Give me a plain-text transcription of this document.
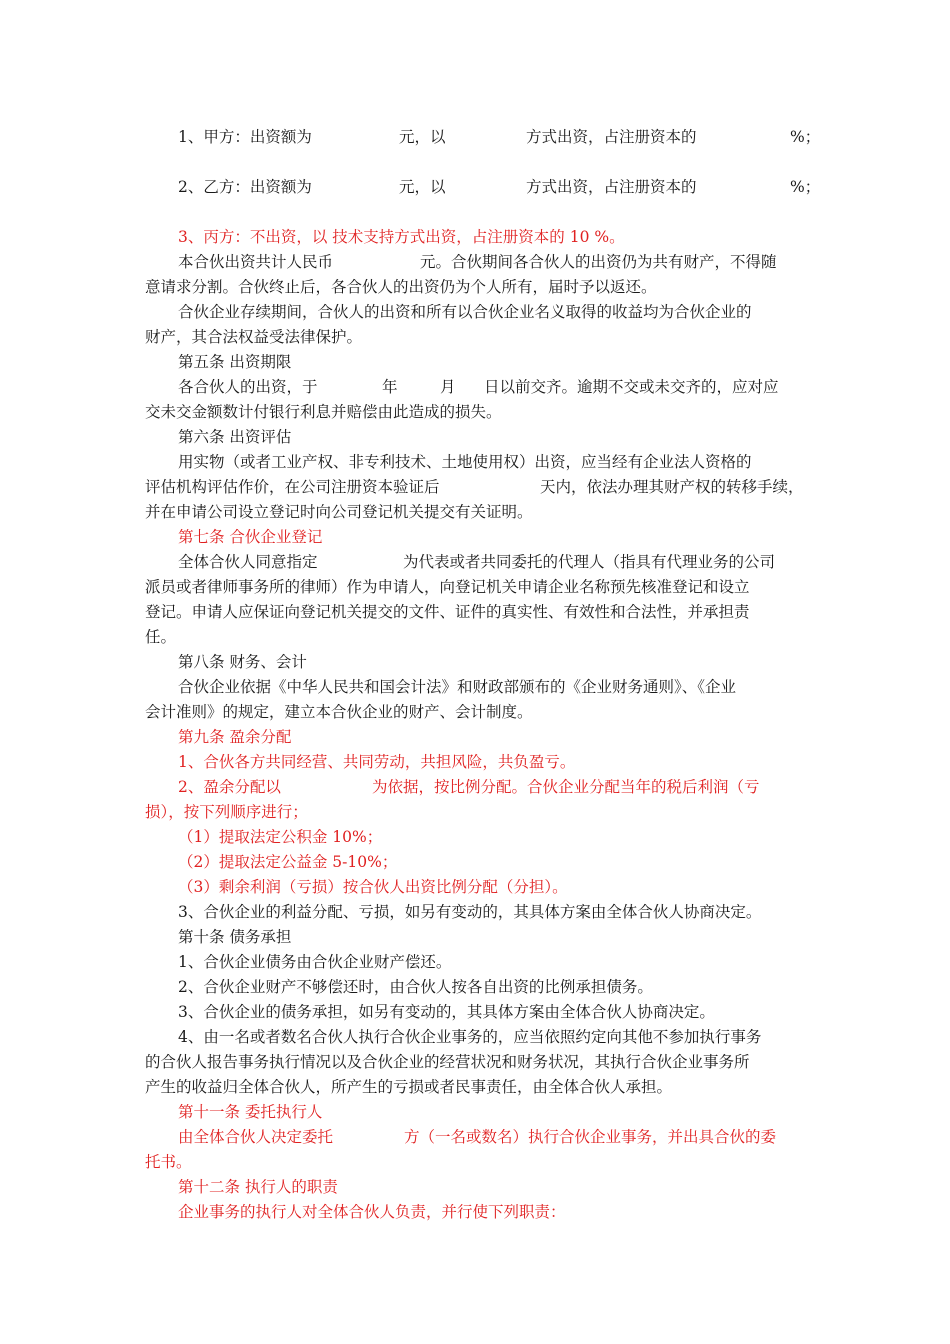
1、甲方：出资额为	元，以	方式出资，占注册资本的	%；
2、乙方：出资额为	元，以	方式出资，占注册资本的	%；
3、丙方：不出资，以 技术支持方式出资，占注册资本的 10 %。
本合伙出资共计人民币	元。合伙期间各合伙人的出资仍为共有财产，不得随
意请求分割。合伙终止后，各合伙人的出资仍为个人所有，届时予以返还。
合伙企业存续期间，合伙人的出资和所有以合伙企业名义取得的收益均为合伙企业的
财产，其合法权益受法律保护。
第五条 出资期限
各合伙人的出资，于	年	月 日以前交齐。逾期不交或未交齐的，应对应
交未交金额数计付银行利息并赔偿由此造成的损失。
第六条 出资评估
用实物（或者工业产权、非专利技术、土地使用权）出资，应当经有企业法人资格的
评估机构评估作价，在公司注册资本验证后	天内，依法办理其财产权的转移手续，
并在申请公司设立登记时向公司登记机关提交有关证明。
第七条 合伙企业登记
全体合伙人同意指定	为代表或者共同委托的代理人（指具有代理业务的公司
派员或者律师事务所的律师）作为申请人，向登记机关申请企业名称预先核准登记和设立
登记。申请人应保证向登记机关提交的文件、证件的真实性、有效性和合法性，并承担责
任。
第八条 财务、会计
合伙企业依据《中华人民共和国会计法》和财政部颁布的《企业财务通则》、《企业
会计准则》的规定，建立本合伙企业的财产、会计制度。
第九条 盈余分配
1、合伙各方共同经营、共同劳动，共担风险，共负盈亏。
2、盈余分配以	为依据，按比例分配。合伙企业分配当年的税后利润（亏
损），按下列顺序进行；
（1）提取法定公积金 10%；
（2）提取法定公益金 5-10%；
（3）剩余利润（亏损）按合伙人出资比例分配（分担）。
3、合伙企业的利益分配、亏损，如另有变动的，其具体方案由全体合伙人协商决定。
第十条 债务承担
1、合伙企业债务由合伙企业财产偿还。
2、合伙企业财产不够偿还时，由合伙人按各自出资的比例承担债务。
3、合伙企业的债务承担，如另有变动的，其具体方案由全体合伙人协商决定。
4、由一名或者数名合伙人执行合伙企业事务的，应当依照约定向其他不参加执行事务
的合伙人报告事务执行情况以及合伙企业的经营状况和财务状况，其执行合伙企业事务所
产生的收益归全体合伙人，所产生的亏损或者民事责任，由全体合伙人承担。
第十一条 委托执行人
由全体合伙人决定委托	方（一名或数名）执行合伙企业事务，并出具合伙的委
托书。
第十二条 执行人的职责
企业事务的执行人对全体合伙人负责，并行使下列职责：
